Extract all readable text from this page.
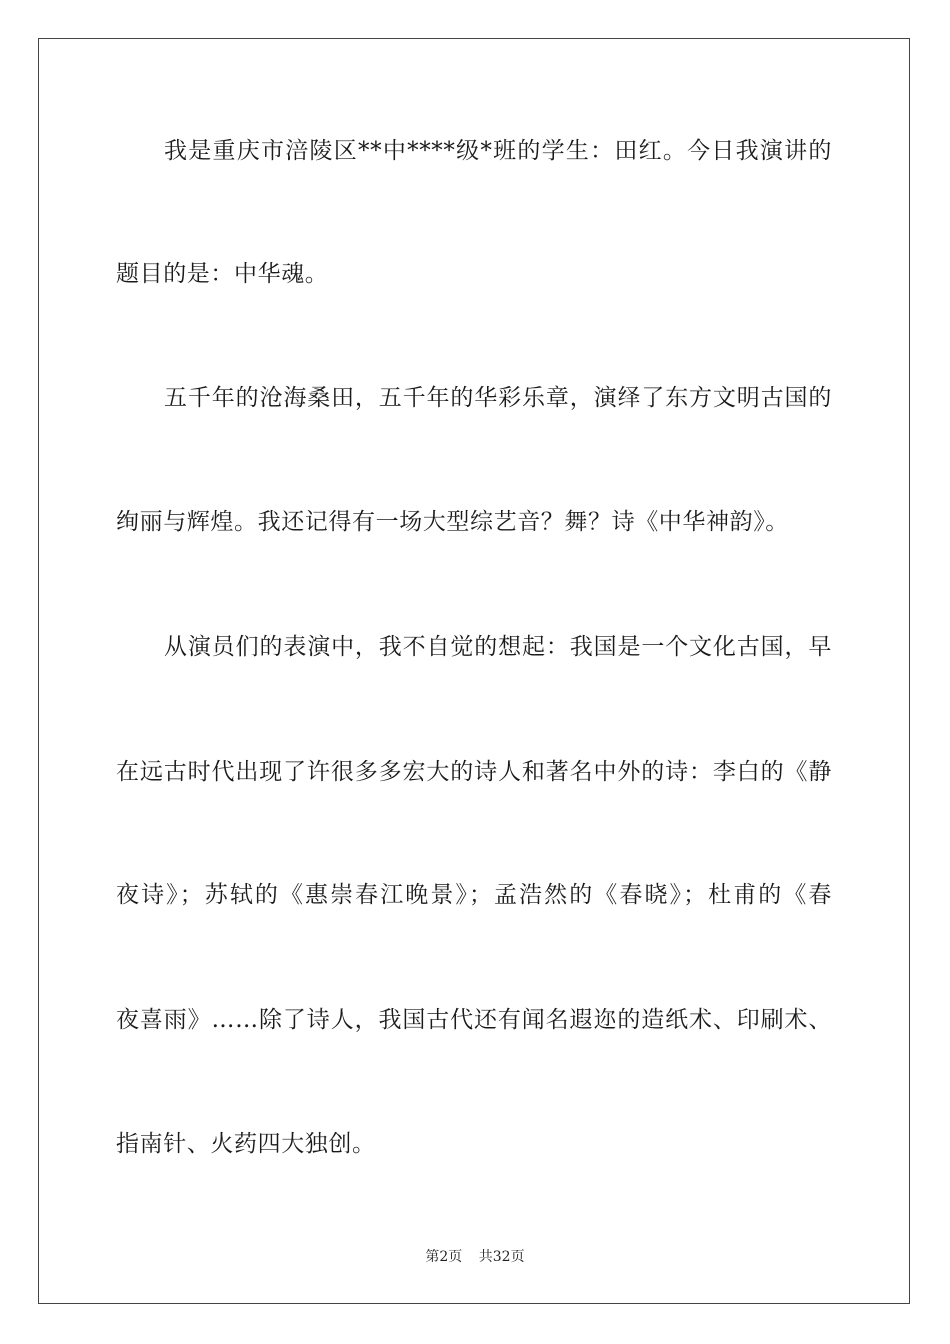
我是重庆市涪陵区**中****级*班的学生：田红。今日我演讲的
题目的是：中华魂。
五千年的沧海桑田，五千年的华彩乐章，演绎了东方文明古国的
绚丽与辉煌。我还记得有一场大型综艺音？舞？诗《中华神韵》。
从演员们的表演中，我不自觉的想起：我国是一个文化古国，早
在远古时代出现了许很多多宏大的诗人和著名中外的诗：李白的《静
夜诗》；苏轼的《惠崇春江晚景》；孟浩然的《春晓》；杜甫的《春
夜喜雨》……除了诗人，我国古代还有闻名遐迩的造纸术、印刷术、
指南针、火药四大独创。
第2页 共32页
